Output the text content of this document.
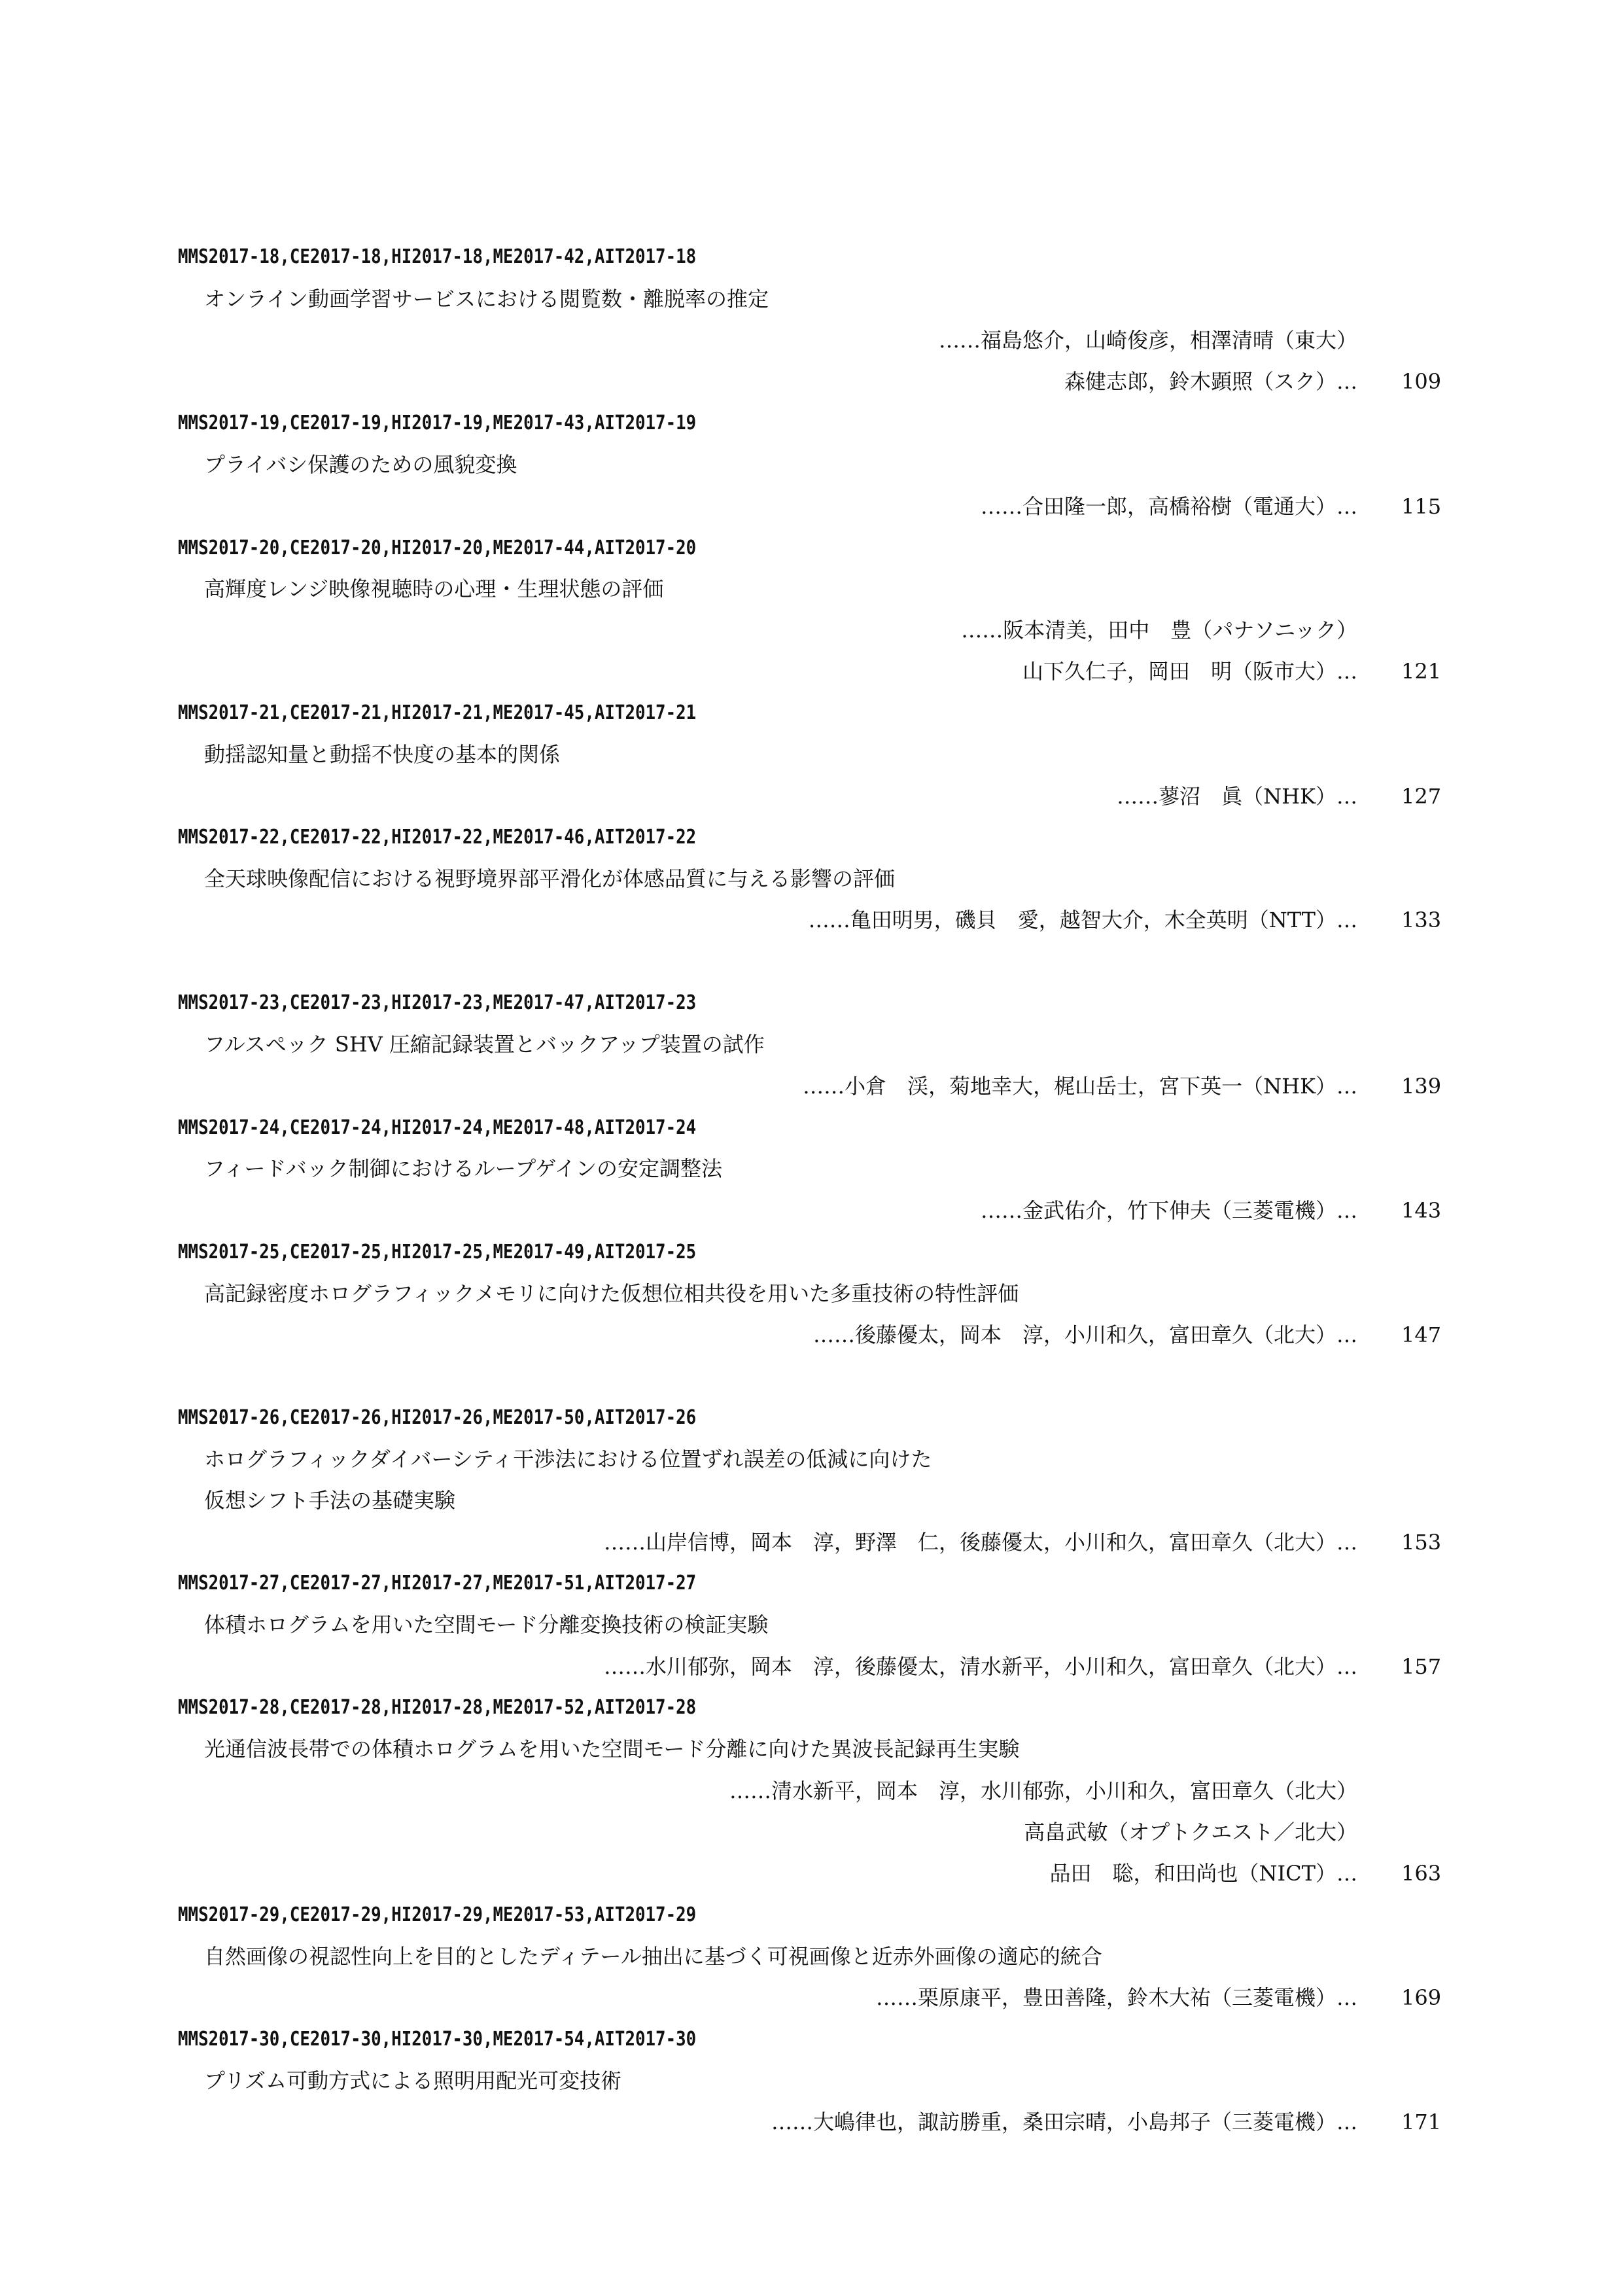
MMS2017-18,CE2017-18,HI2017-18,ME2017-42,AIT2017-18
オンライン動画学習サービスにおける閲覧数・離脱率の推定
……福島悠介，山崎俊彦，相澤清晴（東大）
森健志郎，鈴木顕照（スク）… 109
MMS2017-19,CE2017-19,HI2017-19,ME2017-43,AIT2017-19
プライバシ保護のための風貌変換
……合田隆一郎，高橋裕樹（電通大）… 115
MMS2017-20,CE2017-20,HI2017-20,ME2017-44,AIT2017-20
高輝度レンジ映像視聴時の心理・生理状態の評価
……阪本清美，田中　豊（パナソニック）
山下久仁子，岡田　明（阪市大）… 121
MMS2017-21,CE2017-21,HI2017-21,ME2017-45,AIT2017-21
動揺認知量と動揺不快度の基本的関係
……蓼沼　眞（NHK）… 127
MMS2017-22,CE2017-22,HI2017-22,ME2017-46,AIT2017-22
全天球映像配信における視野境界部平滑化が体感品質に与える影響の評価
……亀田明男，磯貝　愛，越智大介，木全英明（NTT）… 133
MMS2017-23,CE2017-23,HI2017-23,ME2017-47,AIT2017-23
フルスペック SHV 圧縮記録装置とバックアップ装置の試作
……小倉　渓，菊地幸大，梶山岳士，宮下英一（NHK）… 139
MMS2017-24,CE2017-24,HI2017-24,ME2017-48,AIT2017-24
フィードバック制御におけるループゲインの安定調整法
……金武佑介，竹下伸夫（三菱電機）… 143
MMS2017-25,CE2017-25,HI2017-25,ME2017-49,AIT2017-25
高記録密度ホログラフィックメモリに向けた仮想位相共役を用いた多重技術の特性評価
……後藤優太，岡本　淳，小川和久，富田章久（北大）… 147
MMS2017-26,CE2017-26,HI2017-26,ME2017-50,AIT2017-26
ホログラフィックダイバーシティ干渉法における位置ずれ誤差の低減に向けた
仮想シフト手法の基礎実験
……山岸信博，岡本　淳，野澤　仁，後藤優太，小川和久，富田章久（北大）… 153
MMS2017-27,CE2017-27,HI2017-27,ME2017-51,AIT2017-27
体積ホログラムを用いた空間モード分離変換技術の検証実験
……水川郁弥，岡本　淳，後藤優太，清水新平，小川和久，富田章久（北大）… 157
MMS2017-28,CE2017-28,HI2017-28,ME2017-52,AIT2017-28
光通信波長帯での体積ホログラムを用いた空間モード分離に向けた異波長記録再生実験
……清水新平，岡本　淳，水川郁弥，小川和久，富田章久（北大）
高畠武敏（オプトクエスト／北大）
品田　聡，和田尚也（NICT）… 163
MMS2017-29,CE2017-29,HI2017-29,ME2017-53,AIT2017-29
自然画像の視認性向上を目的としたディテール抽出に基づく可視画像と近赤外画像の適応的統合
……栗原康平，豊田善隆，鈴木大祐（三菱電機）… 169
MMS2017-30,CE2017-30,HI2017-30,ME2017-54,AIT2017-30
プリズム可動方式による照明用配光可変技術
……大嶋律也，諏訪勝重，桑田宗晴，小島邦子（三菱電機）… 171
